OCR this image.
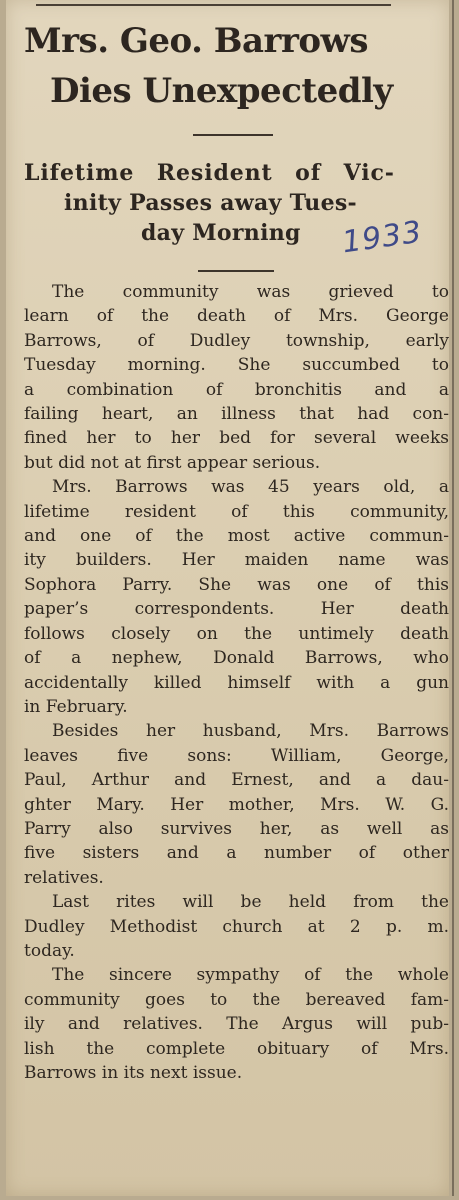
Mrs. Geo. Barrows
Dies Unexpectedly
Lifetime Resident of Vic-
inity Passes away Tues-
day Morning	1933
The community was grieved to
learn of the death of Mrs. George
Barrows, of Dudley township, early
Tuesday morning. She succumbed to
a combination of bronchitis and a
failing heart, an illness that had con-
fined her to her bed for several weeks
but did not at first appear serious.
Mrs. Barrows was 45 years old, a
lifetime resident of this community,
and one of the most active commun-
ity builders. Her maiden name was
Sophora Parry. She was one of this
paper’s correspondents. Her death
follows closely on the untimely death
of a nephew, Donald Barrows, who
accidentally killed himself with a gun
in February.
Besides her husband, Mrs. Barrows
leaves five sons: William, George,
Paul, Arthur and Ernest, and a dau-
ghter Mary. Her mother, Mrs. W. G.
Parry also survives her, as well as
five sisters and a number of other
relatives.
Last rites will be held from the
Dudley Methodist church at 2 p. m.
today.
The sincere sympathy of the whole
community goes to the bereaved fam-
ily and relatives. The Argus will pub-
lish the complete obituary of Mrs.
Barrows in its next issue.
